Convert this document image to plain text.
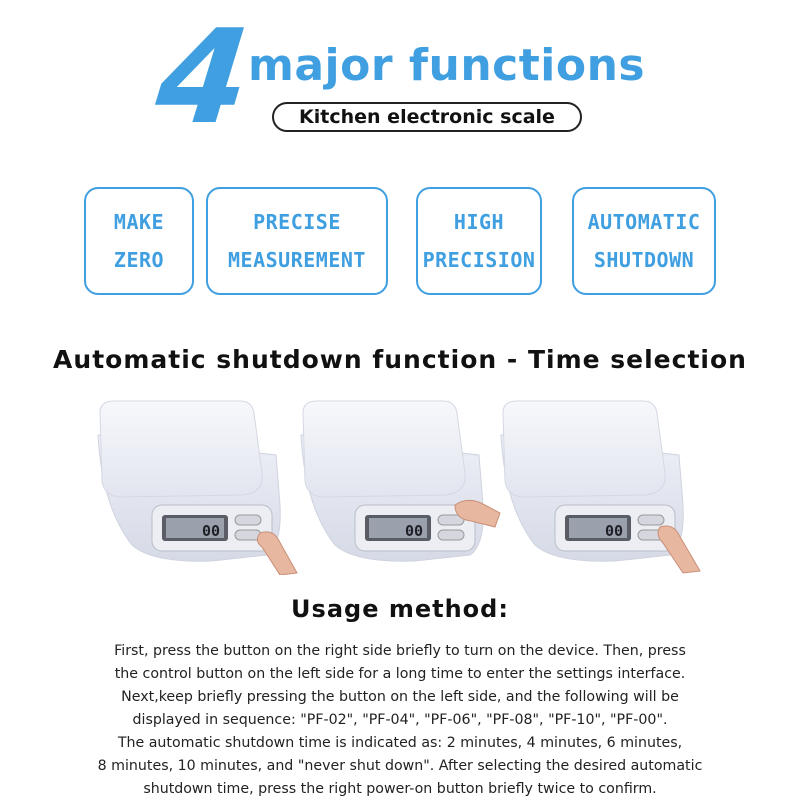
4
major functions
Kitchen electronic scale
MAKE
ZERO
PRECISE
MEASUREMENT
HIGH
PRECISION
AUTOMATIC
SHUTDOWN
Automatic shutdown function - Time selection
00	00	00
Usage method:
First, press the button on the right side briefly to turn on the device. Then, press
the control button on the left side for a long time to enter the settings interface.
Next,keep briefly pressing the button on the left side, and the following will be
displayed in sequence: "PF-02", "PF-04", "PF-06", "PF-08", "PF-10", "PF-00".
The automatic shutdown time is indicated as: 2 minutes, 4 minutes, 6 minutes,
8 minutes, 10 minutes, and "never shut down". After selecting the desired automatic
shutdown time, press the right power-on button briefly twice to confirm.
